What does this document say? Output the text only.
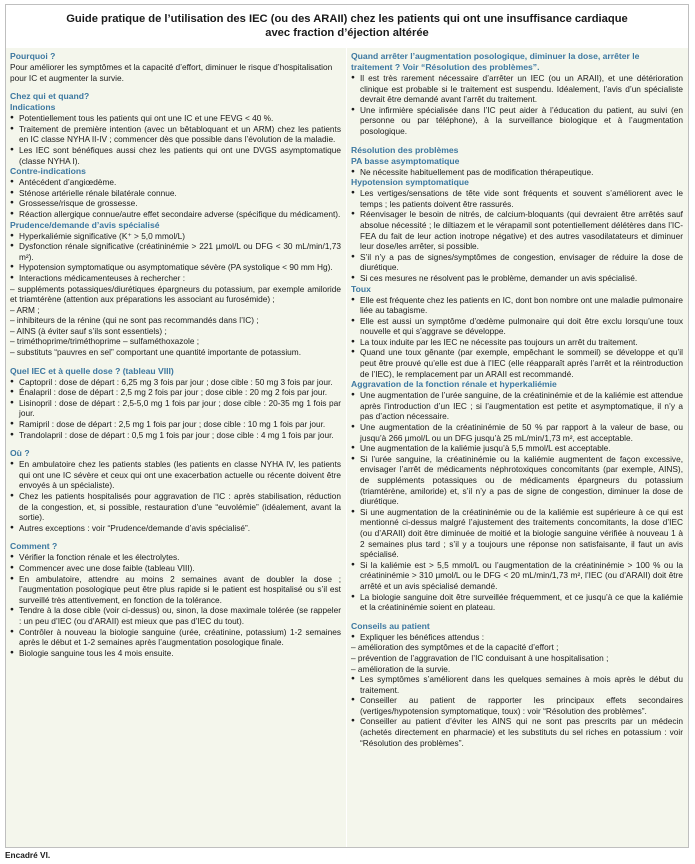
Guide pratique de l’utilisation des IEC (ou des ARAII) chez les patients qui ont une insuffisance cardiaque
avec fraction d’éjection altérée
Pourquoi ?

Pour améliorer les symptômes et la capacité d’effort, diminuer le risque d’hospitalisation pour IC et augmenter la survie.

Chez qui et quand?
Indications
● Potentiellement tous les patients qui ont une IC et une FEVG < 40 %.
● Traitement de première intention (avec un bêtabloquant et un ARM) chez les patients en IC classe NYHA II-IV ; commencer dès que possible dans l’évolution de la maladie.
● Les IEC sont bénéfiques aussi chez les patients qui ont une DVGS asymptomatique (classe NYHA I).
Contre-indications
● Antécédent d’angiœdème.
● Sténose artérielle rénale bilatérale connue.
● Grossesse/risque de grossesse.
● Réaction allergique connue/autre effet secondaire adverse (spécifique du médicament).
Prudence/demande d’avis spécialisé
● Hyperkaliémie significative (K⁺ > 5,0 mmol/L)
● Dysfonction rénale significative (créatininémie > 221 µmol/L ou DFG < 30 mL/min/1,73 m²).
● Hypotension symptomatique ou asymptomatique sévère (PA systolique < 90 mm Hg).
● Interactions médicamenteuses à rechercher :
– suppléments potassiques/diurétiques épargneurs du potassium, par exemple amiloride et triamtérène (attention aux préparations les associant au furosémide) ;
– ARM ;
– inhibiteurs de la rénine (qui ne sont pas recommandés dans l’IC) ;
– AINS (à éviter sauf s’ils sont essentiels) ;
– triméthoprime/triméthoprime – sulfaméthoxazole ;
– substituts “pauvres en sel” comportant une quantité importante de potassium.
Quel IEC et à quelle dose ? (tableau VIII)
● Captopril : dose de départ : 6,25 mg 3 fois par jour ; dose cible : 50 mg 3 fois par jour.
● Énalapril : dose de départ : 2,5 mg 2 fois par jour ; dose cible : 20 mg 2 fois par jour.
● Lisinopril : dose de départ : 2,5-5,0 mg 1 fois par jour ; dose cible : 20-35 mg 1 fois par jour.
● Ramipril : dose de départ : 2,5 mg 1 fois par jour ; dose cible : 10 mg 1 fois par jour.
● Trandolapril : dose de départ : 0,5 mg 1 fois par jour ; dose cible : 4 mg 1 fois par jour.
Où ?
● En ambulatoire chez les patients stables (les patients en classe NYHA IV, les patients qui ont une IC sévère et ceux qui ont une exacerbation actuelle ou récente doivent être envoyés à un spécialiste).
● Chez les patients hospitalisés pour aggravation de l’IC : après stabilisation, réduction de la congestion, et, si possible, restauration d’une “euvolémie” (idéalement, avant la sortie).
● Autres exceptions : voir “Prudence/demande d’avis spécialisé”.
Comment ?
● Vérifier la fonction rénale et les électrolytes.
● Commencer avec une dose faible (tableau VIII).
● En ambulatoire, attendre au moins 2 semaines avant de doubler la dose ; l’augmentation posologique peut être plus rapide si le patient est hospitalisé ou s’il est surveillé très attentivement, en fonction de la tolérance.
● Tendre à la dose cible (voir ci-dessus) ou, sinon, la dose maximale tolérée (se rappeler : un peu d’IEC (ou d’ARAII) est mieux que pas d’IEC du tout).
● Contrôler à nouveau la biologie sanguine (urée, créatinine, potassium) 1-2 semaines après le début et 1-2 semaines après l’augmentation posologique finale.
● Biologie sanguine tous les 4 mois ensuite.
Quand arrêter l’augmentation posologique, diminuer la dose, arrêter le traitement ? Voir “Résolution des problèmes”.
● Il est très rarement nécessaire d’arrêter un IEC (ou un ARAII), et une détérioration clinique est probable si le traitement est suspendu. Idéalement, l’avis d’un spécialiste devrait être demandé avant l’arrêt du traitement.
● Une infirmière spécialisée dans l’IC peut aider à l’éducation du patient, au suivi (en personne ou par téléphone), à la surveillance biologique et à l’augmentation posologique.
Résolution des problèmes
PA basse asymptomatique
● Ne nécessite habituellement pas de modification thérapeutique.
Hypotension symptomatique
● Les vertiges/sensations de tête vide sont fréquents et souvent s’améliorent avec le temps ; les patients doivent être rassurés.
● Réenvisager le besoin de nitrés, de calcium-bloquants (qui devraient être arrêtés sauf absolue nécessité ; le diltiazem et le vérapamil sont potentiellement délétères dans l’IC-FEA du fait de leur action inotrope négative) et des autres vasodilatateurs et diminuer leur dose/les arrêter, si possible.
● S’il n’y a pas de signes/symptômes de congestion, envisager de réduire la dose de diurétique.
● Si ces mesures ne résolvent pas le problème, demander un avis spécialisé.
Toux
● Elle est fréquente chez les patients en IC, dont bon nombre ont une maladie pulmonaire liée au tabagisme.
● Elle est aussi un symptôme d’œdème pulmonaire qui doit être exclu lorsqu’une toux nouvelle et qui s’aggrave se développe.
● La toux induite par les IEC ne nécessite pas toujours un arrêt du traitement.
● Quand une toux gênante (par exemple, empêchant le sommeil) se développe et qu’il peut être prouvé qu’elle est due à l’IEC (elle réapparaît après l’arrêt et la réintroduction de l’IEC), le remplacement par un ARAII est recommandé.
Aggravation de la fonction rénale et hyperkaliémie
● Une augmentation de l’urée sanguine, de la créatininémie et de la kaliémie est attendue après l’introduction d’un IEC ; si l’augmentation est petite et asymptomatique, il n’y a pas d’action nécessaire.
● Une augmentation de la créatininémie de 50 % par rapport à la valeur de base, ou jusqu’à 266 µmol/L ou un DFG jusqu’à 25 mL/min/1,73 m², est acceptable.
● Une augmentation de la kaliémie jusqu’à 5,5 mmol/L est acceptable.
● Si l’urée sanguine, la créatininémie ou la kaliémie augmentent de façon excessive, envisager l’arrêt de médicaments néphrotoxiques concomitants (par exemple, AINS), de suppléments potassiques ou de médicaments épargneurs du potassium (triamtérène, amiloride) et, s’il n’y a pas de signe de congestion, diminuer la dose de diurétique.
● Si une augmentation de la créatininémie ou de la kaliémie est supérieure à ce qui est mentionné ci-dessus malgré l’ajustement des traitements concomitants, la dose d’IEC (ou d’ARAII) doit être diminuée de moitié et la biologie sanguine vérifiée à nouveau 1 à 2 semaines plus tard ; s’il y a toujours une réponse non satisfaisante, il faut un avis spécialisé.
● Si la kaliémie est > 5,5 mmol/L ou l’augmentation de la créatininémie > 100 % ou la créatininémie > 310 µmol/L ou le DFG < 20 mL/min/1,73 m², l’IEC (ou d’ARAII) doit être arrêté et un avis spécialisé demandé.
● La biologie sanguine doit être surveillée fréquemment, et ce jusqu’à ce que la kaliémie et la créatininémie soient en plateau.
Conseils au patient
● Expliquer les bénéfices attendus :
– amélioration des symptômes et de la capacité d’effort ;
– prévention de l’aggravation de l’IC conduisant à une hospitalisation ;
– amélioration de la survie.
● Les symptômes s’améliorent dans les quelques semaines à mois après le début du traitement.
● Conseiller au patient de rapporter les principaux effets secondaires (vertiges/hypotension symptomatique, toux) : voir “Résolution des problèmes”.
● Conseiller au patient d’éviter les AINS qui ne sont pas prescrits par un médecin (achetés directement en pharmacie) et les substituts du sel riches en potassium : voir “Résolution des problèmes”.
Encadré VI.
